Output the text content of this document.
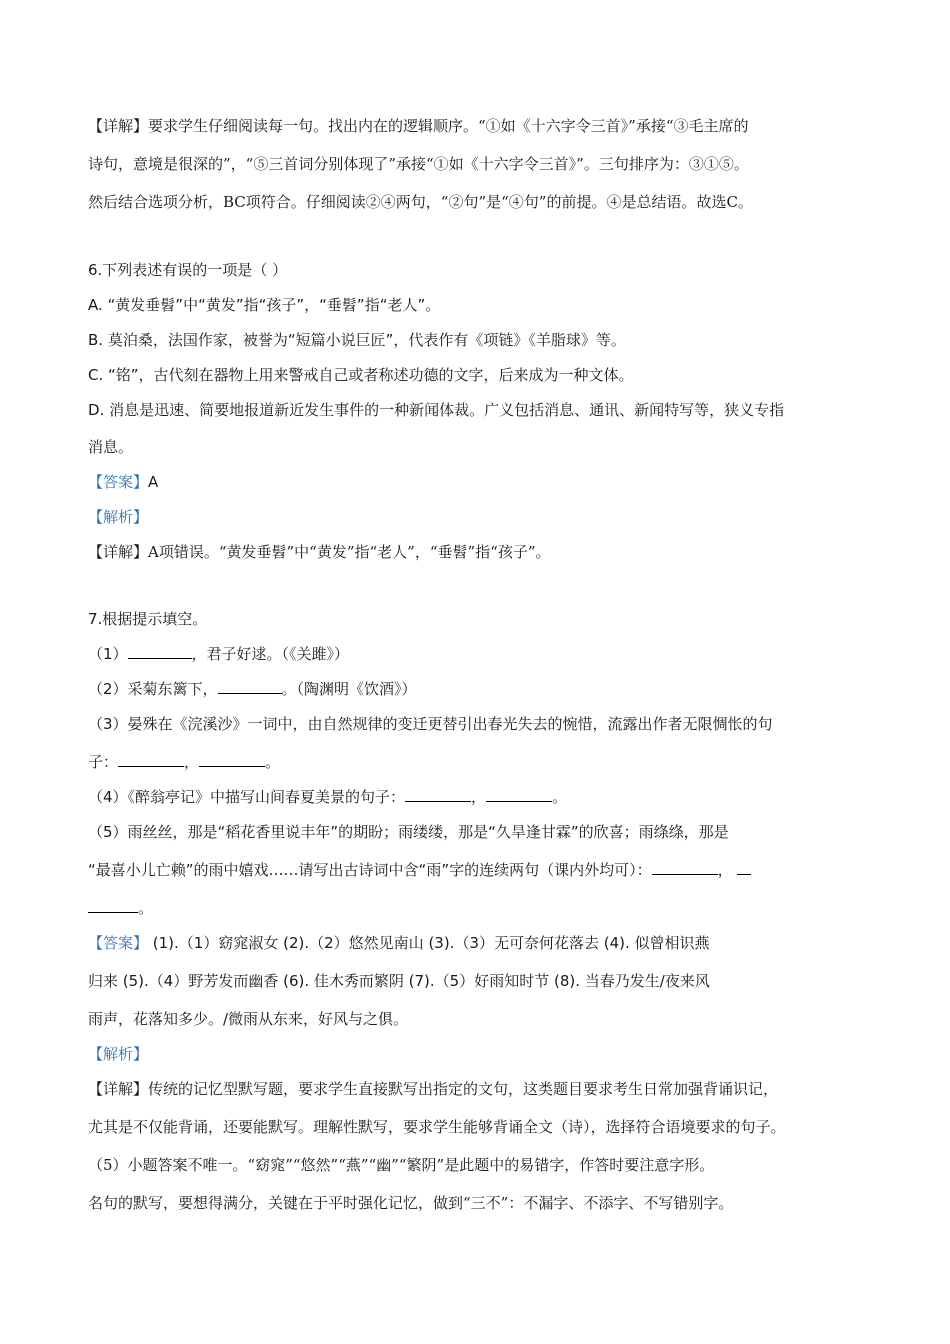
【详解】要求学生仔细阅读每一句。找出内在的逻辑顺序。“①如《十六字令三首》”承接“③毛主席的
诗句，意境是很深的”，“⑤三首词分别体现了”承接“①如《十六字令三首》”。三句排序为：③①⑤。
然后结合选项分析，BC项符合。仔细阅读②④两句，“②句”是“④句”的前提。④是总结语。故选C。
6.下列表述有误的一项是（ ）
A. “黄发垂髫”中“黄发”指“孩子”，“垂髫”指“老人”。
B. 莫泊桑，法国作家，被誉为“短篇小说巨匠”，代表作有《项链》《羊脂球》等。
C. “铭”，古代刻在器物上用来警戒自己或者称述功德的文字，后来成为一种文体。
D. 消息是迅速、简要地报道新近发生事件的一种新闻体裁。广义包括消息、通讯、新闻特写等，狭义专指
消息。
【答案】A
【解析】
【详解】A项错误。“黄发垂髫”中“黄发”指“老人”，“垂髫”指“孩子”。
7.根据提示填空。
（1）	，君子好逑。（《关雎》）
（2）采菊东篱下，	。（陶渊明《饮酒》）
（3）晏殊在《浣溪沙》一词中，由自然规律的变迁更替引出春光失去的惋惜，流露出作者无限惆怅的句
子：	，	。
（4）《醉翁亭记》中描写山间春夏美景的句子：	，	。
（5）雨丝丝，那是“稻花香里说丰年”的期盼；雨缕缕，那是“久旱逢甘霖”的欣喜；雨绦绦，那是
“最喜小儿亡赖”的雨中嬉戏……请写出古诗词中含“雨”字的连续两句（课内外均可）：	，
。
【答案】 (1).（1）窈窕淑女 (2).（2）悠然见南山 (3).（3）无可奈何花落去 (4). 似曾相识燕
归来 (5).（4）野芳发而幽香 (6). 佳木秀而繁阴 (7).（5）好雨知时节 (8). 当春乃发生/夜来风
雨声，花落知多少。/微雨从东来，好风与之俱。
【解析】
【详解】传统的记忆型默写题，要求学生直接默写出指定的文句，这类题目要求考生日常加强背诵识记，
尤其是不仅能背诵，还要能默写。理解性默写，要求学生能够背诵全文（诗），选择符合语境要求的句子。
（5）小题答案不唯一。“窈窕”“悠然”“燕”“幽”“繁阴”是此题中的易错字，作答时要注意字形。
名句的默写，要想得满分，关键在于平时强化记忆，做到“三不”：不漏字、不添字、不写错别字。
